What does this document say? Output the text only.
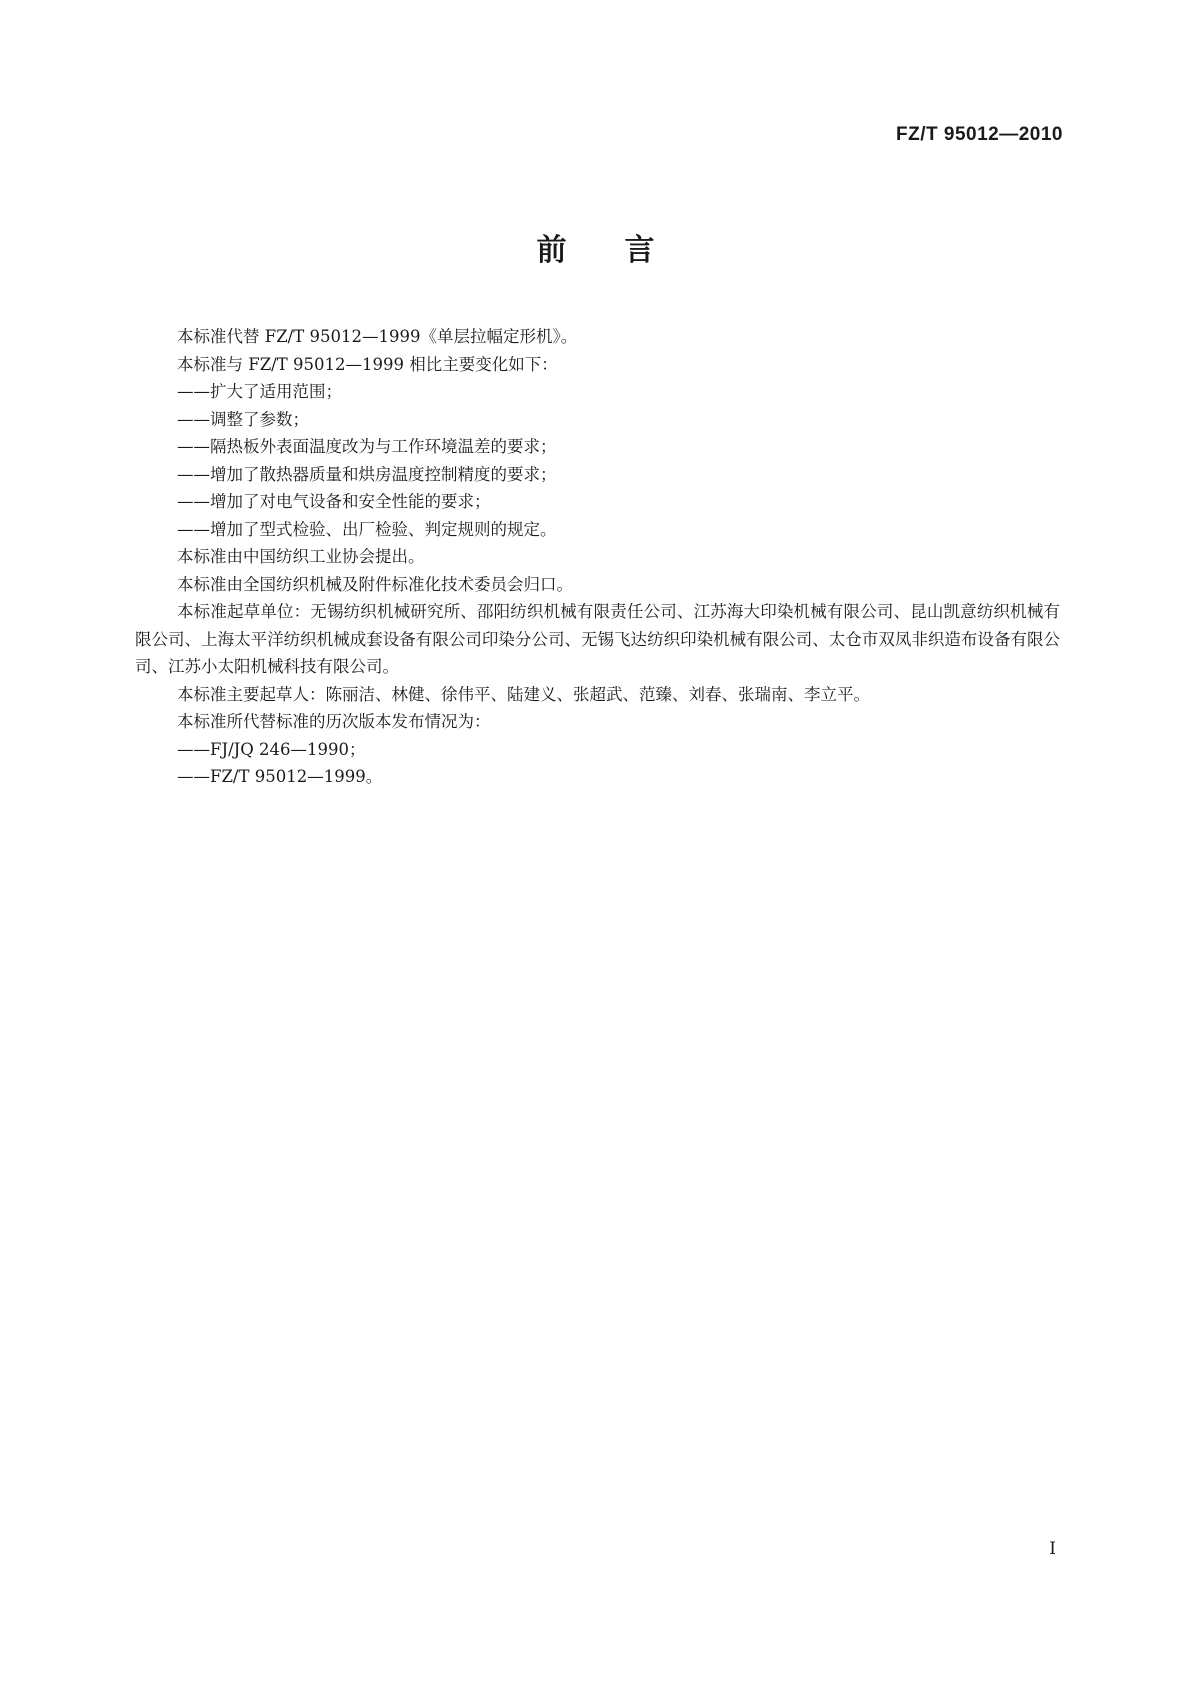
FZ/T 95012—2010
前言

本标准代替 FZ/T 95012—1999《单层拉幅定形机》。

本标准与 FZ/T 95012—1999 相比主要变化如下：

——扩大了适用范围；

——调整了参数；

——隔热板外表面温度改为与工作环境温差的要求；

——增加了散热器质量和烘房温度控制精度的要求；

——增加了对电气设备和安全性能的要求；

——增加了型式检验、出厂检验、判定规则的规定。

本标准由中国纺织工业协会提出。

本标准由全国纺织机械及附件标准化技术委员会归口。

本标准起草单位：无锡纺织机械研究所、邵阳纺织机械有限责任公司、江苏海大印染机械有限公司、昆山凯意纺织机械有限公司、上海太平洋纺织机械成套设备有限公司印染分公司、无锡飞达纺织印染机械有限公司、太仓市双凤非织造布设备有限公司、江苏小太阳机械科技有限公司。

本标准主要起草人：陈丽洁、林健、徐伟平、陆建义、张超武、范臻、刘春、张瑞南、李立平。

本标准所代替标准的历次版本发布情况为：

——FJ/JQ 246—1990；

——FZ/T 95012—1999。

I
